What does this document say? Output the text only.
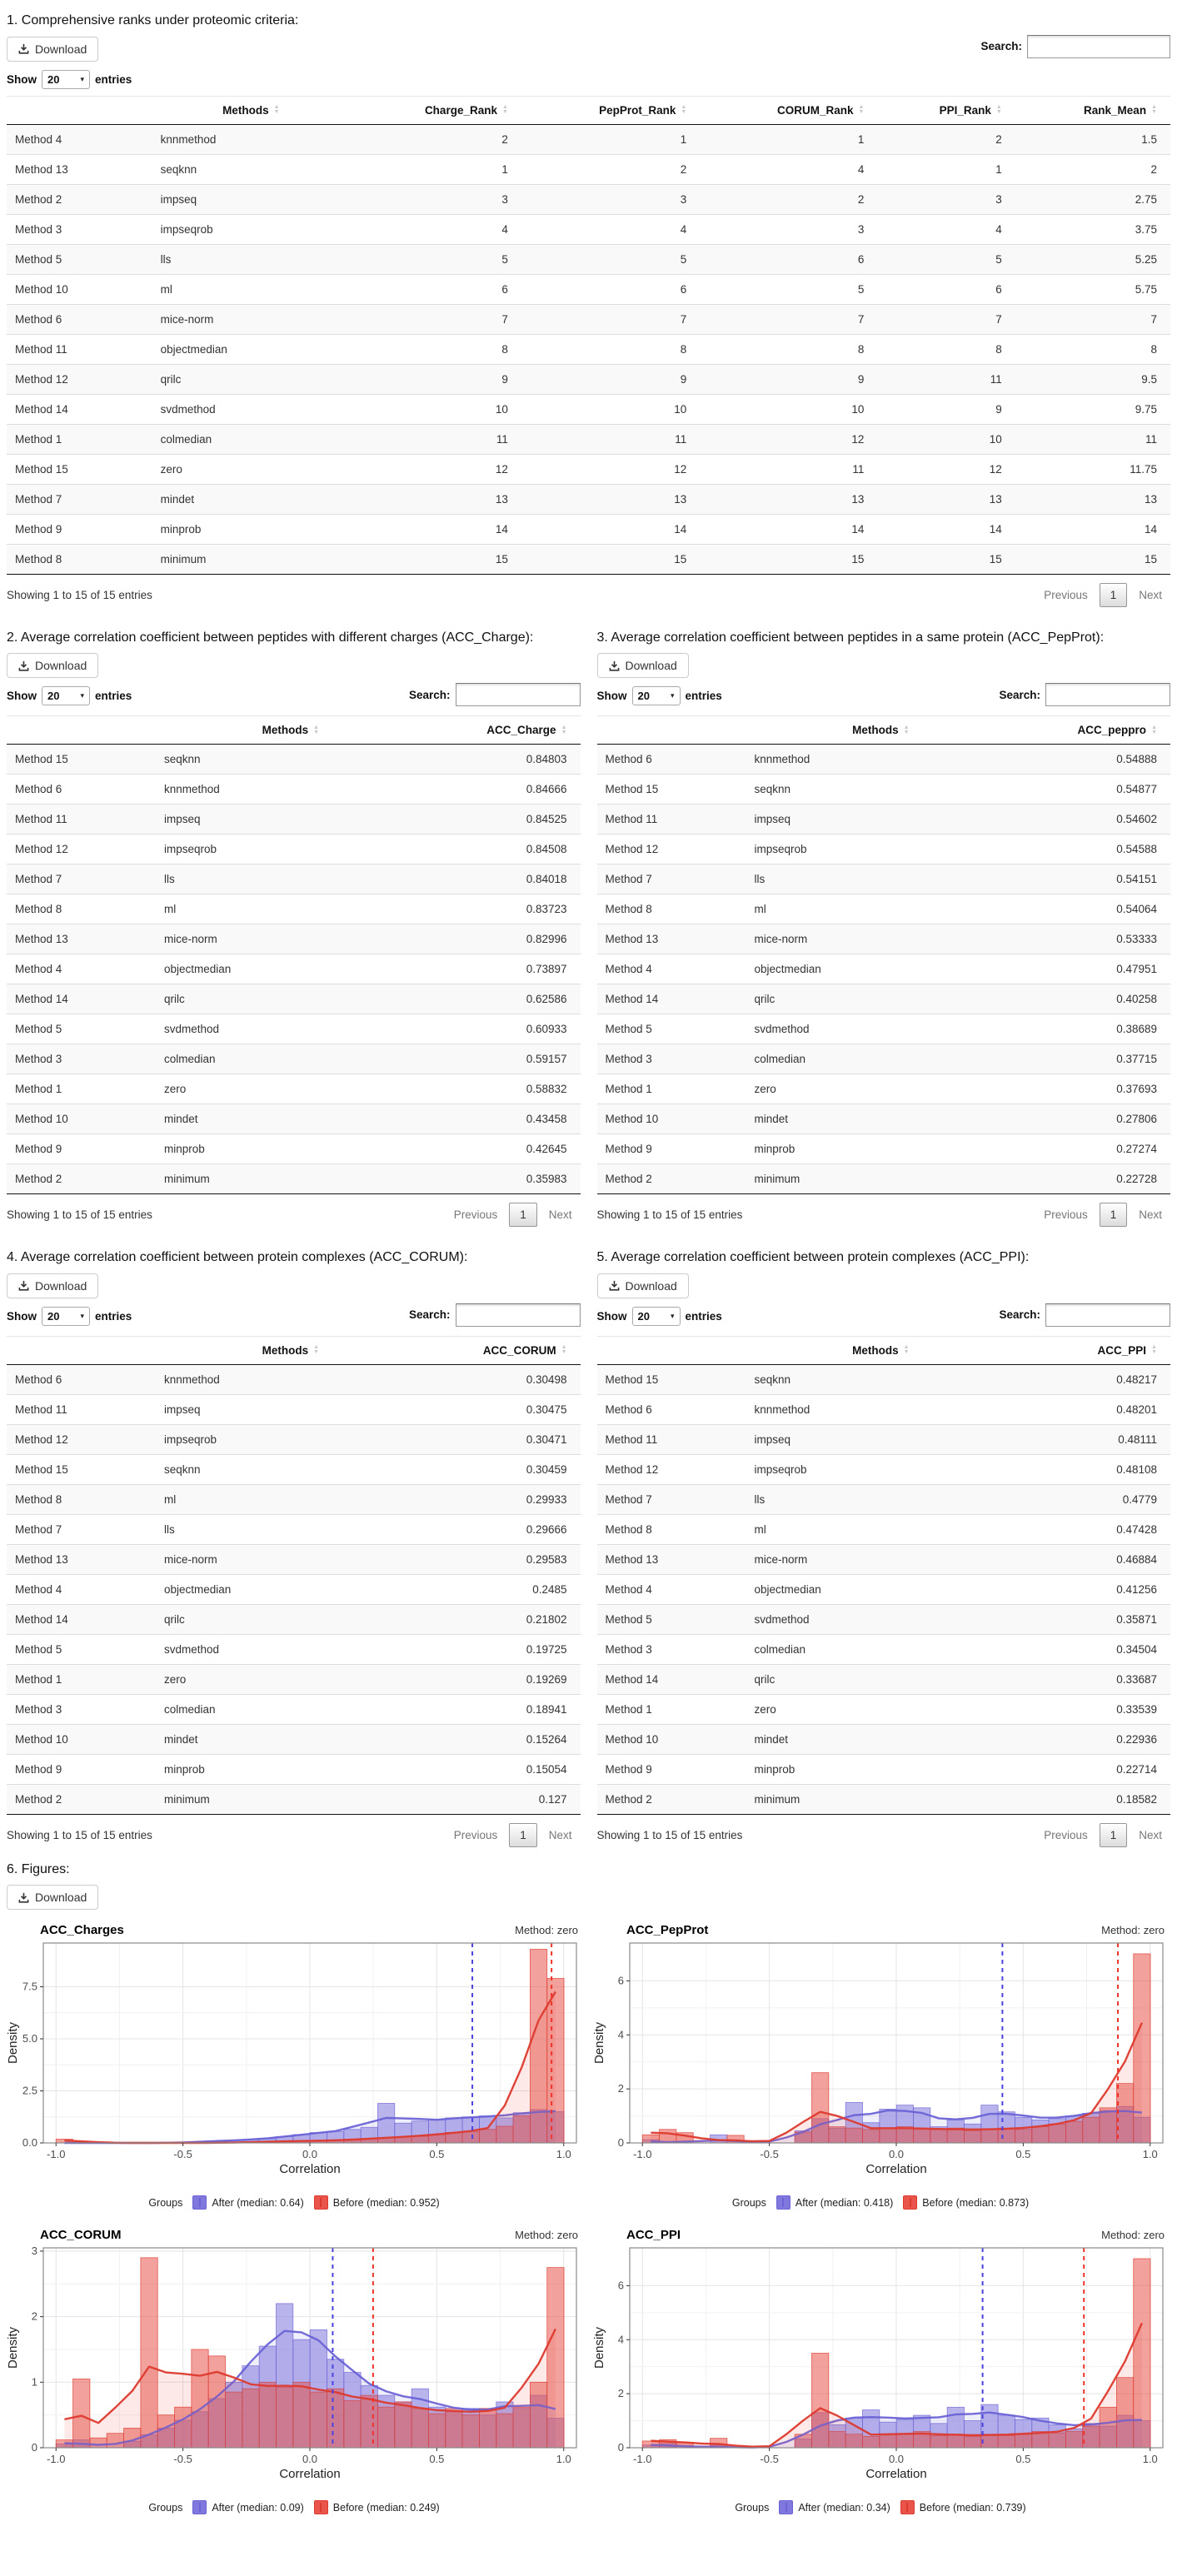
1. Comprehensive ranks under proteomic criteria:
Download	Search:
Show 20	▾ entries
	Methods ▲
▼	Charge_Rank ▲
▼	PepProt_Rank ▲
▼	CORUM_Rank ▲
▼	PPI_Rank ▲
▼	Rank_Mean ▲
▼

Method 4	knnmethod	2	1	1	2	1.5
Method 13	seqknn	1	2	4	1	2
Method 2	impseq	3	3	2	3	2.75
Method 3	impseqrob	4	4	3	4	3.75
Method 5	lls	5	5	6	5	5.25
Method 10	ml	6	6	5	6	5.75
Method 6	mice-norm	7	7	7	7	7
Method 11	objectmedian	8	8	8	8	8
Method 12	qrilc	9	9	9	11	9.5
Method 14	svdmethod	10	10	10	9	9.75
Method 1	colmedian	11	11	12	10	11
Method 15	zero	12	12	11	12	11.75
Method 7	mindet	13	13	13	13	13
Method 9	minprob	14	14	14	14	14
Method 8	minimum	15	15	15	15	15
Showing 1 to 15 of 15 entries	Previous	1	Next
2. Average correlation coefficient between peptides with different charges (ACC_Charge):
Download
Show 20	▾ entries	Search:
	Methods ▲
▼	ACC_Charge ▲
▼

Method 15	seqknn	0.84803
Method 6	knnmethod	0.84666
Method 11	impseq	0.84525
Method 12	impseqrob	0.84508
Method 7	lls	0.84018
Method 8	ml	0.83723
Method 13	mice-norm	0.82996
Method 4	objectmedian	0.73897
Method 14	qrilc	0.62586
Method 5	svdmethod	0.60933
Method 3	colmedian	0.59157
Method 1	zero	0.58832
Method 10	mindet	0.43458
Method 9	minprob	0.42645
Method 2	minimum	0.35983
Showing 1 to 15 of 15 entries	Previous	1	Next
3. Average correlation coefficient between peptides in a same protein (ACC_PepProt):
Download
Show 20	▾ entries	Search:
	Methods ▲
▼	ACC_peppro ▲
▼

Method 6	knnmethod	0.54888
Method 15	seqknn	0.54877
Method 11	impseq	0.54602
Method 12	impseqrob	0.54588
Method 7	lls	0.54151
Method 8	ml	0.54064
Method 13	mice-norm	0.53333
Method 4	objectmedian	0.47951
Method 14	qrilc	0.40258
Method 5	svdmethod	0.38689
Method 3	colmedian	0.37715
Method 1	zero	0.37693
Method 10	mindet	0.27806
Method 9	minprob	0.27274
Method 2	minimum	0.22728
Showing 1 to 15 of 15 entries	Previous	1	Next
4. Average correlation coefficient between protein complexes (ACC_CORUM):
Download
Show 20	▾ entries	Search:
	Methods ▲
▼	ACC_CORUM ▲
▼

Method 6	knnmethod	0.30498
Method 11	impseq	0.30475
Method 12	impseqrob	0.30471
Method 15	seqknn	0.30459
Method 8	ml	0.29933
Method 7	lls	0.29666
Method 13	mice-norm	0.29583
Method 4	objectmedian	0.2485
Method 14	qrilc	0.21802
Method 5	svdmethod	0.19725
Method 1	zero	0.19269
Method 3	colmedian	0.18941
Method 10	mindet	0.15264
Method 9	minprob	0.15054
Method 2	minimum	0.127
Showing 1 to 15 of 15 entries	Previous	1	Next
5. Average correlation coefficient between protein complexes (ACC_PPI):
Download
Show 20	▾ entries	Search:
	Methods ▲
▼	ACC_PPI ▲
▼

Method 15	seqknn	0.48217
Method 6	knnmethod	0.48201
Method 11	impseq	0.48111
Method 12	impseqrob	0.48108
Method 7	lls	0.4779
Method 8	ml	0.47428
Method 13	mice-norm	0.46884
Method 4	objectmedian	0.41256
Method 5	svdmethod	0.35871
Method 3	colmedian	0.34504
Method 14	qrilc	0.33687
Method 1	zero	0.33539
Method 10	mindet	0.22936
Method 9	minprob	0.22714
Method 2	minimum	0.18582
Showing 1 to 15 of 15 entries	Previous	1	Next
6. Figures:
Download
ACC_Charges	Method: zero
-1.0	-0.5	0.0	0.5	1.0
0.0
2.5
5.0
7.5
Correlation
Density
Groups	After (median: 0.64)	Before (median: 0.952)
ACC_PepProt	Method: zero
-1.0	-0.5	0.0	0.5	1.0
0
2
4
6
Correlation
Density
Groups	After (median: 0.418)	Before (median: 0.873)
ACC_CORUM	Method: zero
-1.0	-0.5	0.0	0.5	1.0
0
1
2
3
Correlation
Density
Groups	After (median: 0.09)	Before (median: 0.249)
ACC_PPI	Method: zero
-1.0	-0.5	0.0	0.5	1.0
0
2
4
6
Correlation
Density
Groups	After (median: 0.34)	Before (median: 0.739)
